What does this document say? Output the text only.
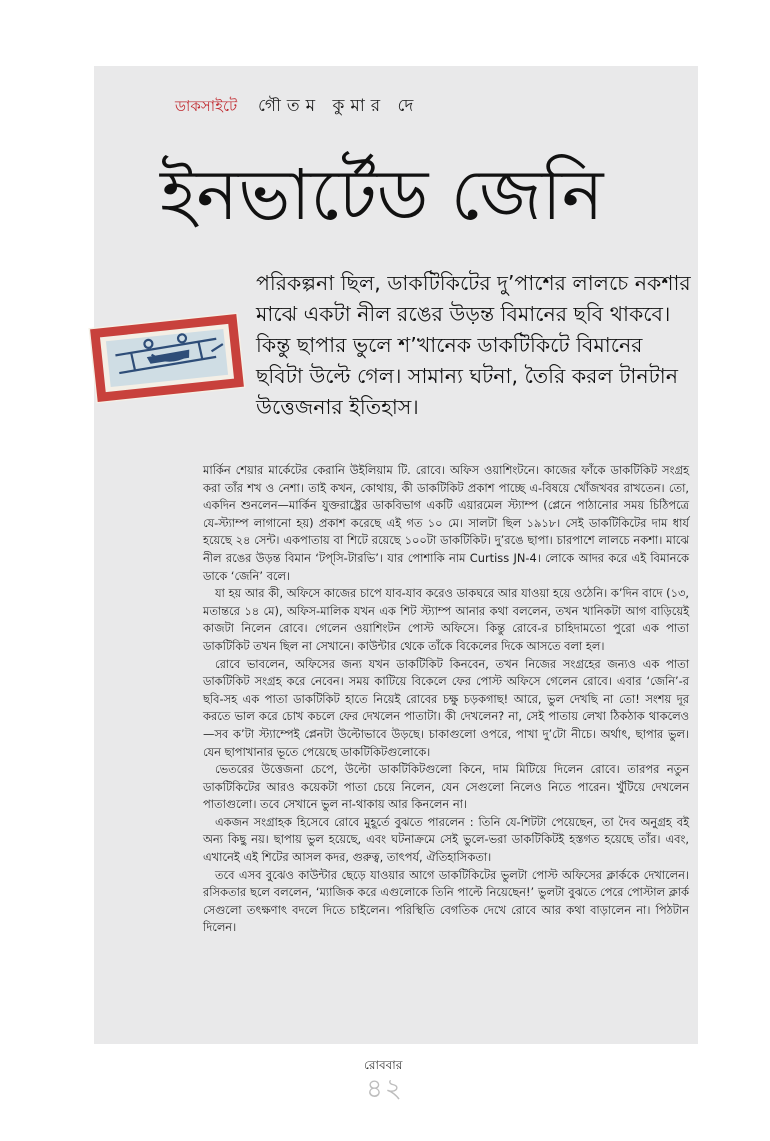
ডাকসাইটে গৌতম কুমার দে
ইনভার্টেড জেনি
পরিকল্পনা ছিল, ডাকটিকিটের দু’পাশের লালচে নকশার মাঝে একটা নীল রঙের উড়ন্ত বিমানের ছবি থাকবে। কিন্তু ছাপার ভুলে শ’খানেক ডাকটিকিটে বিমানের ছবিটা উল্টে গেল। সামান্য ঘটনা, তৈরি করল টানটান উত্তেজনার ইতিহাস।

মার্কিন শেয়ার মার্কেটের কেরানি উইলিয়াম টি. রোবে। অফিস ওয়াশিংটনে। কাজের ফাঁকে ডাকটিকিট সংগ্রহ করা তাঁর শখ ও নেশা। তাই কখন, কোথায়, কী ডাকটিকিট প্রকাশ পাচ্ছে এ-বিষয়ে খোঁজখবর রাখতেন। তো, একদিন শুনলেন—মার্কিন যুক্তরাষ্ট্রের ডাকবিভাগ একটি এয়ারমেল স্ট্যাম্প (প্লেনে পাঠানোর সময় চিঠিপত্রে যে-স্ট্যাম্প লাগানো হয়) প্রকাশ করেছে এই গত ১০ মে। সালটা ছিল ১৯১৮। সেই ডাকটিকিটের দাম ধার্য হয়েছে ২৪ সেন্ট। একপাতায় বা শিটে রয়েছে ১০০টা ডাকটিকিট। দু’রঙে ছাপা। চারপাশে লালচে নকশা। মাঝে নীল রঙের উড়ন্ত বিমান ‘টপ্‌সি-টারভি’। যার পোশাকি নাম Curtiss JN-4। লোকে আদর করে এই বিমানকে ডাকে ‘জেনি’ বলে।

যা হয় আর কী, অফিসে কাজের চাপে যাব-যাব করেও ডাকঘরে আর যাওয়া হয়ে ওঠেনি। ক’দিন বাদে (১৩, মতান্তরে ১৪ মে), অফিস-মালিক যখন এক শিট স্ট্যাম্প আনার কথা বললেন, তখন খানিকটা আগ বাড়িয়েই কাজটা নিলেন রোবে। গেলেন ওয়াশিংটন পোস্ট অফিসে। কিন্তু রোবে-র চাহিদামতো পুরো এক পাতা ডাকটিকিট তখন ছিল না সেখানে। কাউন্টার থেকে তাঁকে বিকেলের দিকে আসতে বলা হল।

রোবে ভাবলেন, অফিসের জন্য যখন ডাকটিকিট কিনবেন, তখন নিজের সংগ্রহের জন্যও এক পাতা ডাকটিকিট সংগ্রহ করে নেবেন। সময় কাটিয়ে বিকেলে ফের পোস্ট অফিসে গেলেন রোবে। এবার ‘জেনি’-র ছবি-সহ এক পাতা ডাকটিকিট হাতে নিয়েই রোবের চক্ষু চড়কগাছ! আরে, ভুল দেখছি না তো! সংশয় দূর করতে ভাল করে চোখ কচলে ফের দেখলেন পাতাটা। কী দেখলেন? না, সেই পাতায় লেখা ঠিকঠাক থাকলেও—সব ক’টা স্ট্যাম্পেই প্লেনটা উল্টোভাবে উড়ছে। চাকাগুলো ওপরে, পাখা দু’টো নীচে। অর্থাৎ, ছাপার ভুল। যেন ছাপাখানার ভূতে পেয়েছে ডাকটিকিটগুলোকে।

ভেতরের উত্তেজনা চেপে, উল্টো ডাকটিকিটগুলো কিনে, দাম মিটিয়ে দিলেন রোবে। তারপর নতুন ডাকটিকিটের আরও কয়েকটা পাতা চেয়ে নিলেন, যেন সেগুলো নিলেও নিতে পারেন। খুঁটিয়ে দেখলেন পাতাগুলো। তবে সেখানে ভুল না-থাকায় আর কিনলেন না।

একজন সংগ্রাহক হিসেবে রোবে মুহূর্তে বুঝতে পারলেন : তিনি যে-শিটটা পেয়েছেন, তা দৈব অনুগ্রহ বই অন্য কিছু নয়। ছাপায় ভুল হয়েছে, এবং ঘটনাক্রমে সেই ভুলে-ভরা ডাকটিকিটই হস্তগত হয়েছে তাঁর। এবং, এখানেই এই শিটের আসল কদর, গুরুত্ব, তাৎপর্য, ঐতিহাসিকতা।

তবে এসব বুঝেও কাউন্টার ছেড়ে যাওয়ার আগে ডাকটিকিটের ভুলটা পোস্ট অফিসের ক্লার্ককে দেখালেন। রসিকতার ছলে বললেন, ‘ম্যাজিক করে এগুলোকে তিনি পাল্টে নিয়েছেন!’ ভুলটা বুঝতে পেরে পোস্টাল ক্লার্ক সেগুলো তৎক্ষণাৎ বদলে দিতে চাইলেন। পরিস্থিতি বেগতিক দেখে রোবে আর কথা বাড়ালেন না। পিঠটান দিলেন।

রোববার
৪২
